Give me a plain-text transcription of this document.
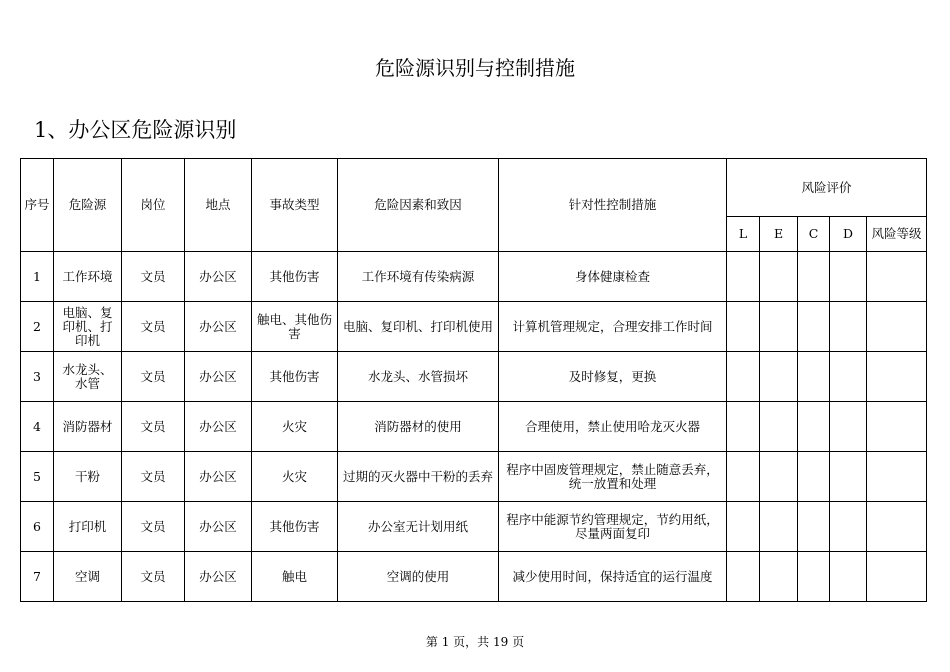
危险源识别与控制措施
1、办公区危险源识别
序号	危险源	岗位	地点	事故类型	危险因素和致因	针对性控制措施	风险评价				
							L	E	C	D	风险等级
1	工作环境	文员	办公区	其他伤害	工作环境有传染病源	身体健康检查					
2	电脑、复印机、打印机	文员	办公区	触电、其他伤害	电脑、复印机、打印机使用	计算机管理规定，合理安排工作时间					
3	水龙头、水管	文员	办公区	其他伤害	水龙头、水管损坏	及时修复，更换					
4	消防器材	文员	办公区	火灾	消防器材的使用	合理使用，禁止使用哈龙灭火器					
5	干粉	文员	办公区	火灾	过期的灭火器中干粉的丢弃	程序中固废管理规定，禁止随意丢弃，统一放置和处理					
6	打印机	文员	办公区	其他伤害	办公室无计划用纸	程序中能源节约管理规定，节约用纸，尽量两面复印					
7	空调	文员	办公区	触电	空调的使用	减少使用时间，保持适宜的运行温度					
第 1 页，共 19 页
